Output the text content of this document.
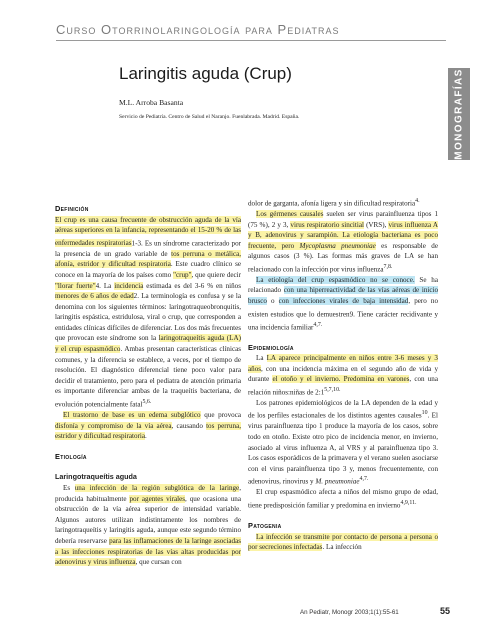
Curso Otorrinolaringología para Pediatras
MONOGRAFÍAS
Laringitis aguda (Crup)
M.L. Arroba Basanta
Servicio de Pediatría. Centro de Salud el Naranjo. Fuenlabrada. Madrid. España.
Definición

El crup es una causa frecuente de obstrucción aguda de la vía aéreas superiores en la infancia, representando el 15-20 % de las enfermedades respiratorias1-3. Es un síndrome caracterizado por la presencia de un grado variable de tos perruna o metálica, afonía, estridor y dificultad respiratoria. Este cuadro clínico se conoce en la mayoría de los países como "crup", que quiere decir "llorar fuerte"4. La incidencia estimada es del 3-6 % en niños menores de 6 años de edad2. La terminología es confusa y se la denomina con los siguientes términos: laringotraqueobronquitis, laringitis espástica, estridulosa, viral o crup, que corresponden a entidades clínicas difíciles de diferenciar. Los dos más frecuentes que provocan este síndrome son la laringotraqueítis aguda (LA) y el crup espasmódico. Ambas presentan características clínicas comunes, y la diferencia se establece, a veces, por el tiempo de resolución. El diagnóstico diferencial tiene poco valor para decidir el tratamiento, pero para el pediatra de atención primaria es importante diferenciar ambas de la traqueítis bacteriana, de evolución potencialmente fatal$^{5,6.}$

El trastorno de base es un edema subglótico que provoca disfonía y compromiso de la vía aérea, causando tos perruna, estridor y dificultad respiratoria.

Etiología
Laringotraqueítis aguda

Es una infección de la región subglótica de la laringe, producida habitualmente por agentes virales, que ocasiona una obstrucción de la vía aérea superior de intensidad variable. Algunos autores utilizan indistintamente los nombres de laringotraqueítis y laringitis aguda, aunque este segundo término debería reservarse para las inflamaciones de la laringe asociadas a las infecciones respiratorias de las vías altas producidas por adenovirus y virus influenza, que cursan con

dolor de garganta, afonía ligera y sin dificultad respiratoria$^{4.}$

Los gérmenes causales suelen ser virus parainfluenza tipos 1 (75 %), 2 y 3, virus respiratorio sincitial (VRS), virus influenza A y B, adenovirus y sarampión. La etiología bacteriana es poco frecuente, pero Mycoplasma pneumoniae es responsable de algunos casos (3 %). Las formas más graves de LA se han relacionado con la infección por virus influenza$^{7,8.}$

La etiología del crup espasmódico no se conoce. Se ha relacionado con una hiperreactividad de las vías aéreas de inicio brusco o con infecciones virales de baja intensidad, pero no existen estudios que lo demuestren9. Tiene carácter recidivante y una incidencia familiar$^{4,7.}$

Epidemiología

La LA aparece principalmente en niños entre 3-6 meses y 3 años, con una incidencia máxima en el segundo año de vida y durante el otoño y el invierno. Predomina en varones, con una relación niños:niñas de $2:1^{5,7,10.}$

Los patrones epidemiológicos de la LA dependen de la edad y de los perfiles estacionales de los distintos agentes causales$^{10}$. El virus parainfluenza tipo 1 produce la mayoría de los casos, sobre todo en otoño. Existe otro pico de incidencia menor, en invierno, asociado al virus influenza A, al VRS y al parainfluenza tipo 3. Los casos esporádicos de la primavera y el verano suelen asociarse con el virus parainfluenza tipo 3 y, menos frecuentemente, con adenovirus, rinovirus y M. pneumoniae$^{4,7.}$

El crup espasmódico afecta a niños del mismo grupo de edad, tiene predisposición familiar y predomina en invierno$^{4,9,11.}$

Patogenia

La infección se transmite por contacto de persona a persona o por secreciones infectadas. La infección

An Pediatr, Monogr 2003;1(1):55-61	55
